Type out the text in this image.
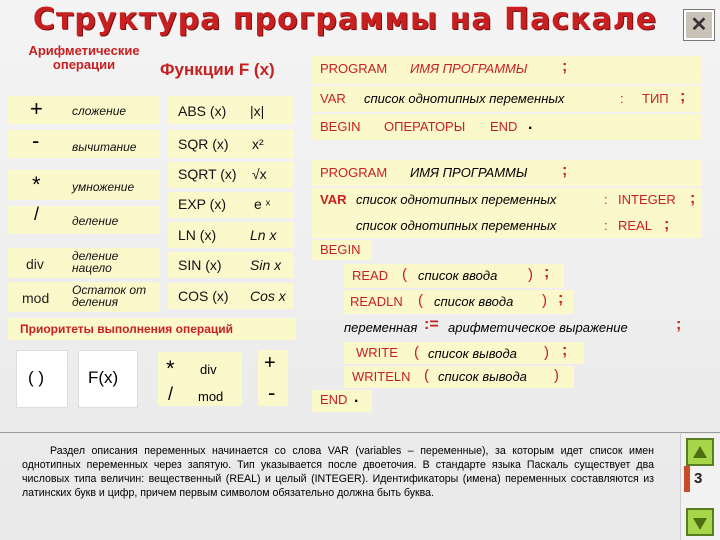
Структура программы на Паскале	✕
Арифметические операции	Функции F (x)
+ сложение
-	вычитание
*	умножение
/	деление
div деление нацело
mod Остаток от деления
ABS (x) |x|
SQR (x) x²
SQRT (x) √x
EXP (x) e ˣ
LN (x) Ln x
SIN (x) Sin x
COS (x) Cos x
Приоритеты выполнения операций
( )	F(x) * div
/ mod
+
-
PROGRAM ИМЯ ПРОГРАММЫ ;
VAR список однотипных переменных	: ТИП ;
BEGIN ОПЕРАТОРЫ END .
PROGRAM ИМЯ ПРОГРАММЫ ;
VAR список однотипных переменных	: INTEGER ;
список однотипных переменных	: REAL ;
BEGIN
READ ( список ввода ) ;
READLN ( список ввода ) ;
переменная := арифметическое выражение	;
WRITE ( список вывода ) ;
WRITELN ( список вывода )
END .
Раздел описания переменных начинается со слова VAR (variables – переменные), за которым идет список имен однотипных переменных через запятую. Тип указывается после двоеточия. В стандарте языка Паскаль существует два числовых типа величин: вещественный (REAL) и целый (INTEGER). Идентификаторы (имена) переменных составляются из латинских букв и цифр, причем первым символом обязательно должна быть буква.
3
